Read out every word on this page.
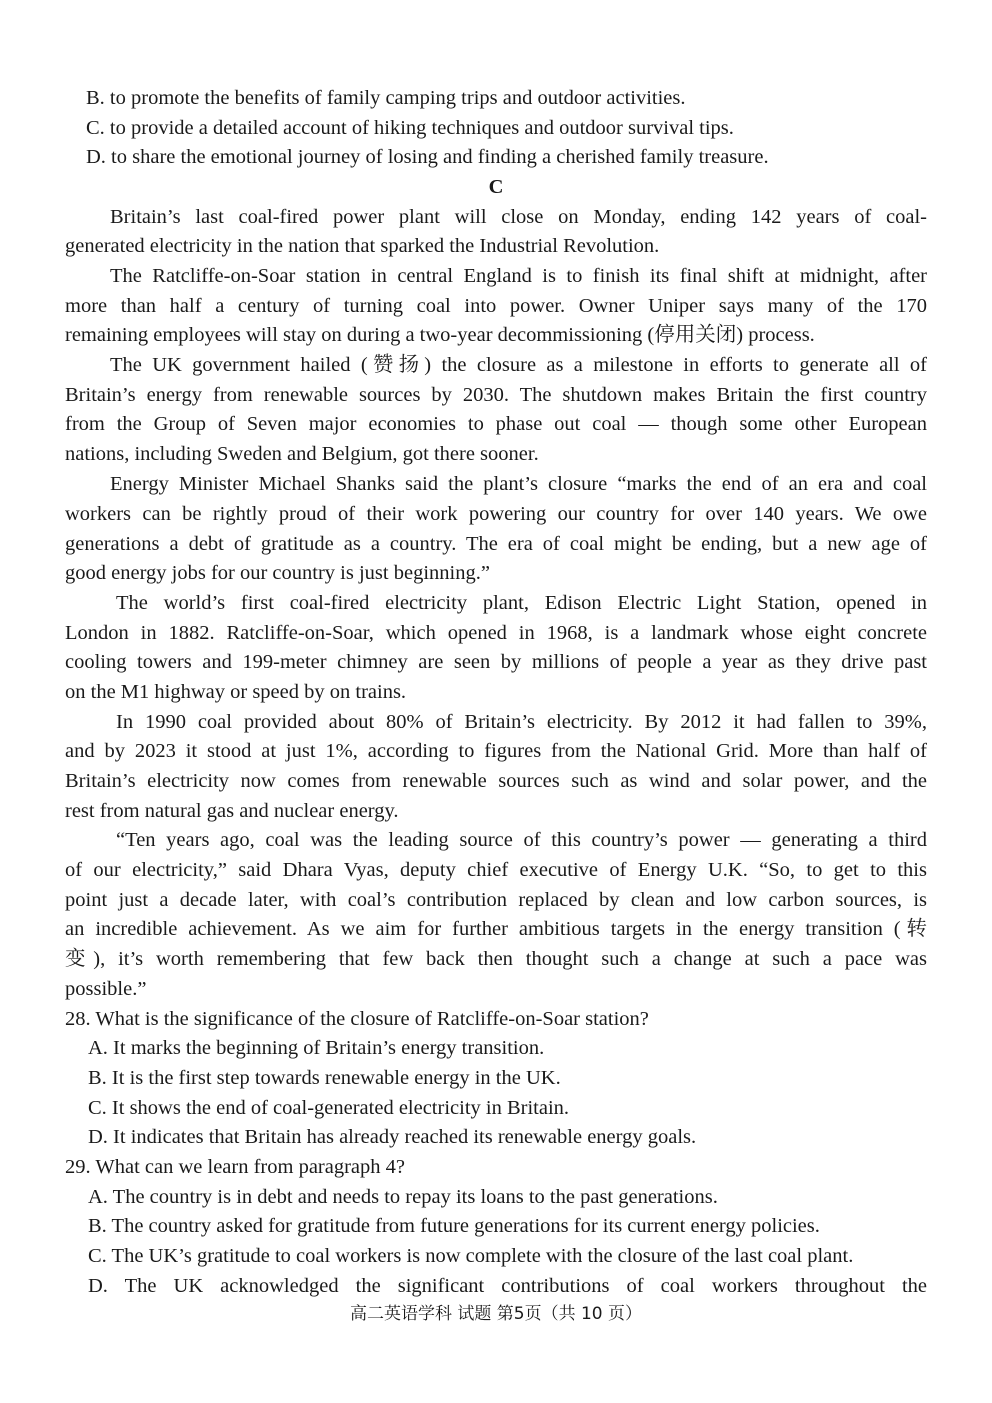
B. to promote the benefits of family camping trips and outdoor activities.
C. to provide a detailed account of hiking techniques and outdoor survival tips.
D. to share the emotional journey of losing and finding a cherished family treasure.
C
Britain’s last coal-fired power plant will close on Monday, ending 142 years of coal-
generated electricity in the nation that sparked the Industrial Revolution.
The Ratcliffe-on-Soar station in central England is to finish its final shift at midnight, after
more than half a century of turning coal into power. Owner Uniper says many of the 170
remaining employees will stay on during a two-year decommissioning (停用关闭) process.
The UK government hailed (赞扬) the closure as a milestone in efforts to generate all of
Britain’s energy from renewable sources by 2030. The shutdown makes Britain the first country
from the Group of Seven major economies to phase out coal — though some other European
nations, including Sweden and Belgium, got there sooner.
Energy Minister Michael Shanks said the plant’s closure “marks the end of an era and coal
workers can be rightly proud of their work powering our country for over 140 years. We owe
generations a debt of gratitude as a country. The era of coal might be ending, but a new age of
good energy jobs for our country is just beginning.”
The world’s first coal-fired electricity plant, Edison Electric Light Station, opened in
London in 1882. Ratcliffe-on-Soar, which opened in 1968, is a landmark whose eight concrete
cooling towers and 199-meter chimney are seen by millions of people a year as they drive past
on the M1 highway or speed by on trains.
In 1990 coal provided about 80% of Britain’s electricity. By 2012 it had fallen to 39%,
and by 2023 it stood at just 1%, according to figures from the National Grid. More than half of
Britain’s electricity now comes from renewable sources such as wind and solar power, and the
rest from natural gas and nuclear energy.
“Ten years ago, coal was the leading source of this country’s power — generating a third
of our electricity,” said Dhara Vyas, deputy chief executive of Energy U.K. “So, to get to this
point just a decade later, with coal’s contribution replaced by clean and low carbon sources, is
an incredible achievement. As we aim for further ambitious targets in the energy transition (转
变), it’s worth remembering that few back then thought such a change at such a pace was
possible.”
28. What is the significance of the closure of Ratcliffe-on-Soar station?
A. It marks the beginning of Britain’s energy transition.
B. It is the first step towards renewable energy in the UK.
C. It shows the end of coal-generated electricity in Britain.
D. It indicates that Britain has already reached its renewable energy goals.
29. What can we learn from paragraph 4?
A. The country is in debt and needs to repay its loans to the past generations.
B. The country asked for gratitude from future generations for its current energy policies.
C. The UK’s gratitude to coal workers is now complete with the closure of the last coal plant.
D. The UK acknowledged the significant contributions of coal workers throughout the
高二英语学科 试题 第5页（共 10 页）
